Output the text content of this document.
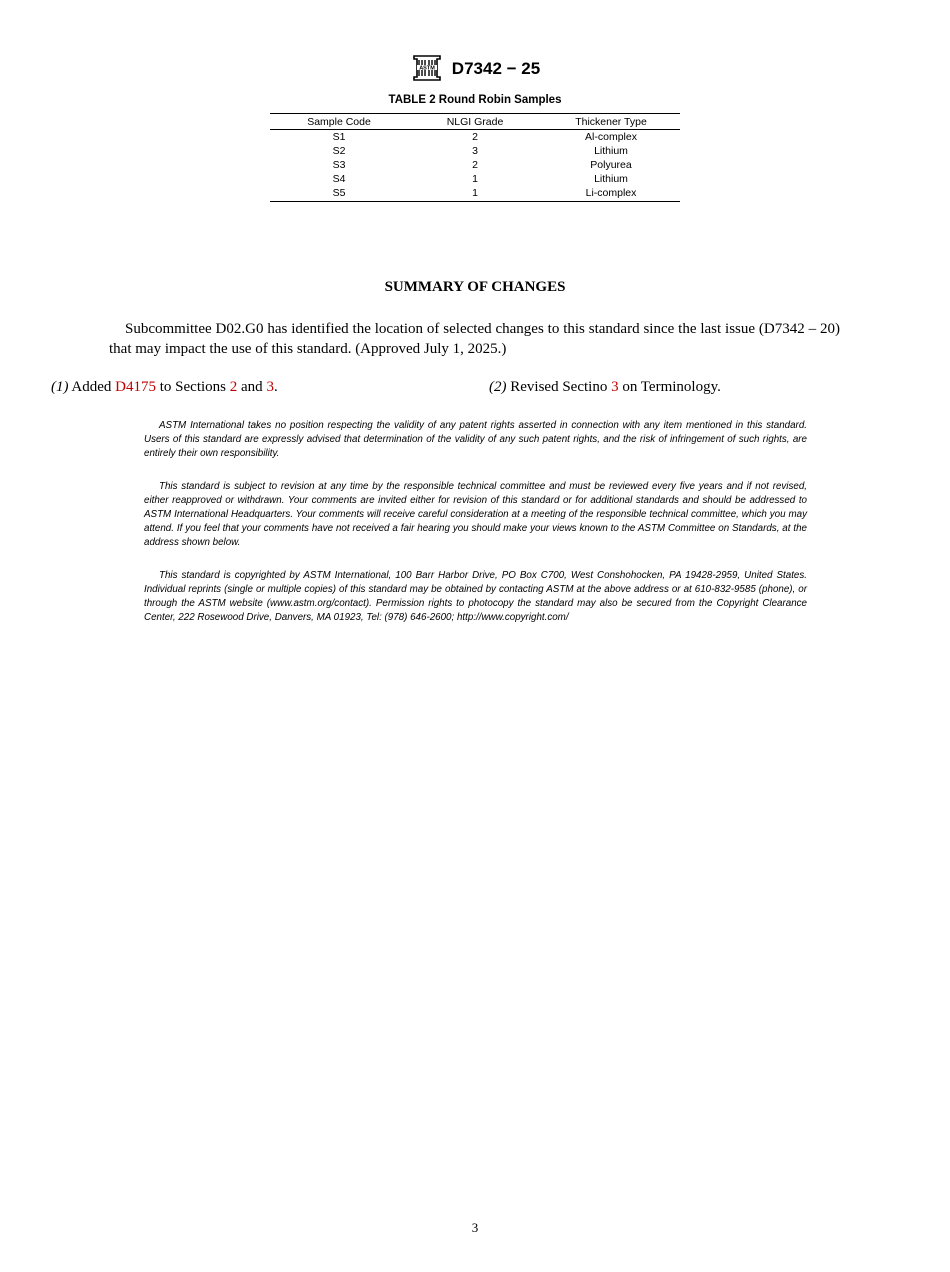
ASTM D7342 − 25
TABLE 2 Round Robin Samples
Sample Code	NLGI Grade	Thickener Type
S1	2	Al-complex
S2	3	Lithium
S3	2	Polyurea
S4	1	Lithium
S5	1	Li-complex
SUMMARY OF CHANGES
Subcommittee D02.G0 has identified the location of selected changes to this standard since the last issue (D7342 – 20) that may impact the use of this standard. (Approved July 1, 2025.)
(1) Added D4175 to Sections 2 and 3.	(2) Revised Sectino 3 on Terminology.
ASTM International takes no position respecting the validity of any patent rights asserted in connection with any item mentioned in this standard. Users of this standard are expressly advised that determination of the validity of any such patent rights, and the risk of infringement of such rights, are entirely their own responsibility.
This standard is subject to revision at any time by the responsible technical committee and must be reviewed every five years and if not revised, either reapproved or withdrawn. Your comments are invited either for revision of this standard or for additional standards and should be addressed to ASTM International Headquarters. Your comments will receive careful consideration at a meeting of the responsible technical committee, which you may attend. If you feel that your comments have not received a fair hearing you should make your views known to the ASTM Committee on Standards, at the address shown below.
This standard is copyrighted by ASTM International, 100 Barr Harbor Drive, PO Box C700, West Conshohocken, PA 19428-2959, United States. Individual reprints (single or multiple copies) of this standard may be obtained by contacting ASTM at the above address or at 610-832-9585 (phone), or through the ASTM website (www.astm.org/contact). Permission rights to photocopy the standard may also be secured from the Copyright Clearance Center, 222 Rosewood Drive, Danvers, MA 01923, Tel: (978) 646-2600; http://www.copyright.com/
3
